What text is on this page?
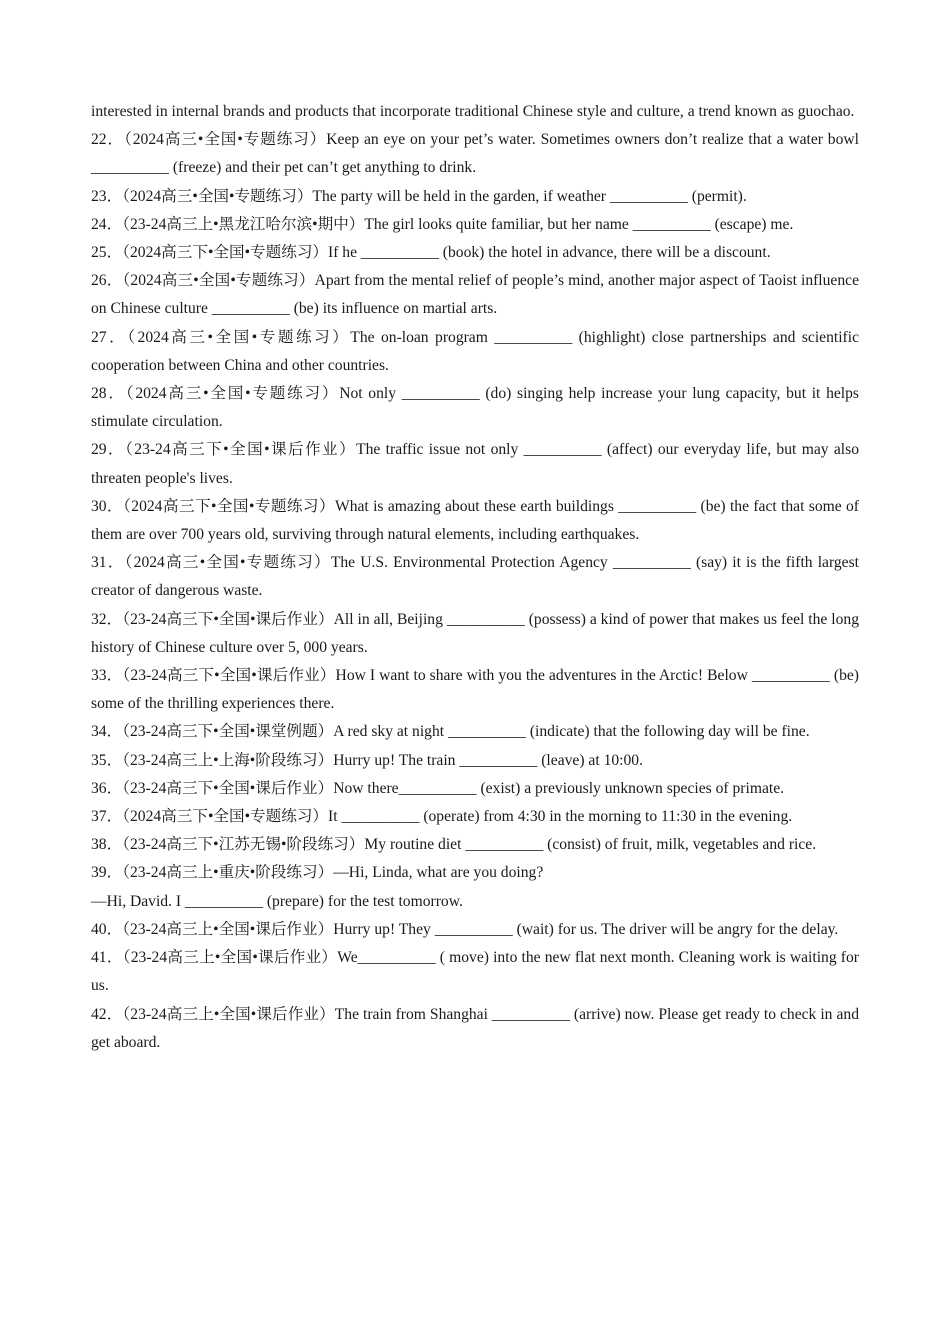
interested in internal brands and products that incorporate traditional Chinese style and culture, a trend known as guochao.

22．（2024高三•全国•专题练习）Keep an eye on your pet’s water. Sometimes owners don’t realize that a water bowl __________ (freeze) and their pet can’t get anything to drink.

23．（2024高三•全国•专题练习）The party will be held in the garden, if weather __________ (permit).

24．（23-24高三上•黑龙江哈尔滨•期中）The girl looks quite familiar, but her name __________ (escape) me.

25．（2024高三下•全国•专题练习）If he __________ (book) the hotel in advance, there will be a discount.

26．（2024高三•全国•专题练习）Apart from the mental relief of people’s mind, another major aspect of Taoist influence on Chinese culture __________ (be) its influence on martial arts.

27．（2024高三•全国•专题练习）The on-loan program __________ (highlight) close partnerships and scientific cooperation between China and other countries.

28．（2024高三•全国•专题练习）Not only __________ (do) singing help increase your lung capacity, but it helps stimulate circulation.

29．（23-24高三下•全国•课后作业）The traffic issue not only __________ (affect) our everyday life, but may also threaten people's lives.

30．（2024高三下•全国•专题练习）What is amazing about these earth buildings __________ (be) the fact that some of them are over 700 years old, surviving through natural elements, including earthquakes.

31．（2024高三•全国•专题练习）The U.S. Environmental Protection Agency __________ (say) it is the fifth largest creator of dangerous waste.

32．（23-24高三下•全国•课后作业）All in all, Beijing __________ (possess) a kind of power that makes us feel the long history of Chinese culture over 5, 000 years.

33．（23-24高三下•全国•课后作业）How I want to share with you the adventures in the Arctic! Below __________ (be) some of the thrilling experiences there.

34．（23-24高三下•全国•课堂例题）A red sky at night __________ (indicate) that the following day will be fine.

35．（23-24高三上•上海•阶段练习）Hurry up! The train __________ (leave) at 10:00.

36．（23-24高三下•全国•课后作业）Now there__________ (exist) a previously unknown species of primate.

37．（2024高三下•全国•专题练习）It __________ (operate) from 4:30 in the morning to 11:30 in the evening.

38．（23-24高三下•江苏无锡•阶段练习）My routine diet __________ (consist) of fruit, milk, vegetables and rice.

39．（23-24高三上•重庆•阶段练习）—Hi, Linda, what are you doing?

—Hi, David. I __________ (prepare) for the test tomorrow.

40．（23-24高三上•全国•课后作业）Hurry up! They __________ (wait) for us. The driver will be angry for the delay.

41．（23-24高三上•全国•课后作业）We__________ ( move) into the new flat next month. Cleaning work is waiting for us.

42．（23-24高三上•全国•课后作业）The train from Shanghai __________ (arrive) now. Please get ready to check in and get aboard.
